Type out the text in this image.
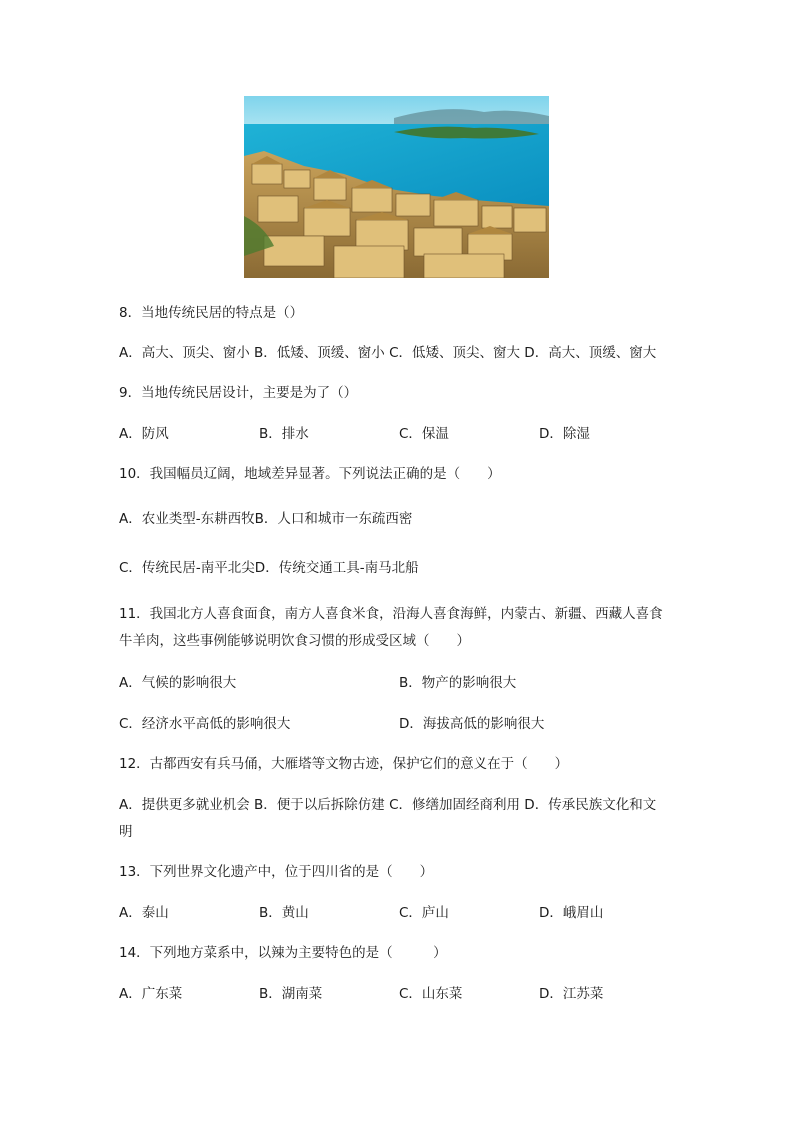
8．当地传统民居的特点是（）
A．高大、顶尖、窗小 B．低矮、顶缓、窗小 C．低矮、顶尖、窗大 D．高大、顶缓、窗大
9．当地传统民居设计，主要是为了（）
A．防风	B．排水	C．保温	D．除湿
10．我国幅员辽阔，地域差异显著。下列说法正确的是（　　）
A．农业类型-东耕西牧B．人口和城市一东疏西密
C．传统民居-南平北尖D．传统交通工具-南马北船
11．我国北方人喜食面食，南方人喜食米食，沿海人喜食海鲜，内蒙古、新疆、西藏人喜食
牛羊肉，这些事例能够说明饮食习惯的形成受区域（　　）
A．气候的影响很大	B．物产的影响很大
C．经济水平高低的影响很大	D．海拔高低的影响很大
12．古都西安有兵马俑，大雁塔等文物古迹，保护它们的意义在于（　　）
A．提供更多就业机会 B．便于以后拆除仿建 C．修缮加固经商利用 D．传承民族文化和文
明
13．下列世界文化遗产中，位于四川省的是（　　）
A．泰山	B．黄山	C．庐山	D．峨眉山
14．下列地方菜系中，以辣为主要特色的是（　　　）
A．广东菜	B．湖南菜	C．山东菜	D．江苏菜
